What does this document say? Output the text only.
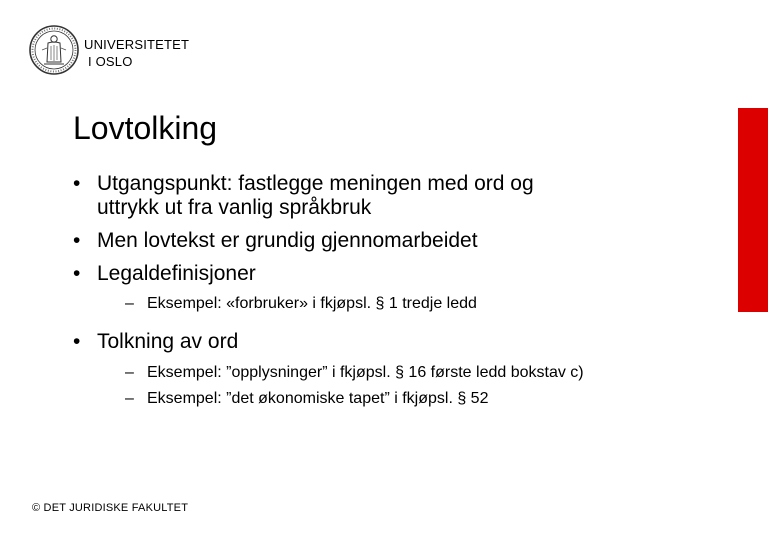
UNIVERSITETET
I OSLO
Lovtolking
• Utgangspunkt: fastlegge meningen med ord og
uttrykk ut fra vanlig språkbruk
• Men lovtekst er grundig gjennomarbeidet
• Legaldefinisjoner
– Eksempel: «forbruker» i fkjøpsl. § 1 tredje ledd
• Tolkning av ord
– Eksempel: ”opplysninger” i fkjøpsl. § 16 første ledd bokstav c)
– Eksempel: ”det økonomiske tapet” i fkjøpsl. § 52
© DET JURIDISKE FAKULTET
